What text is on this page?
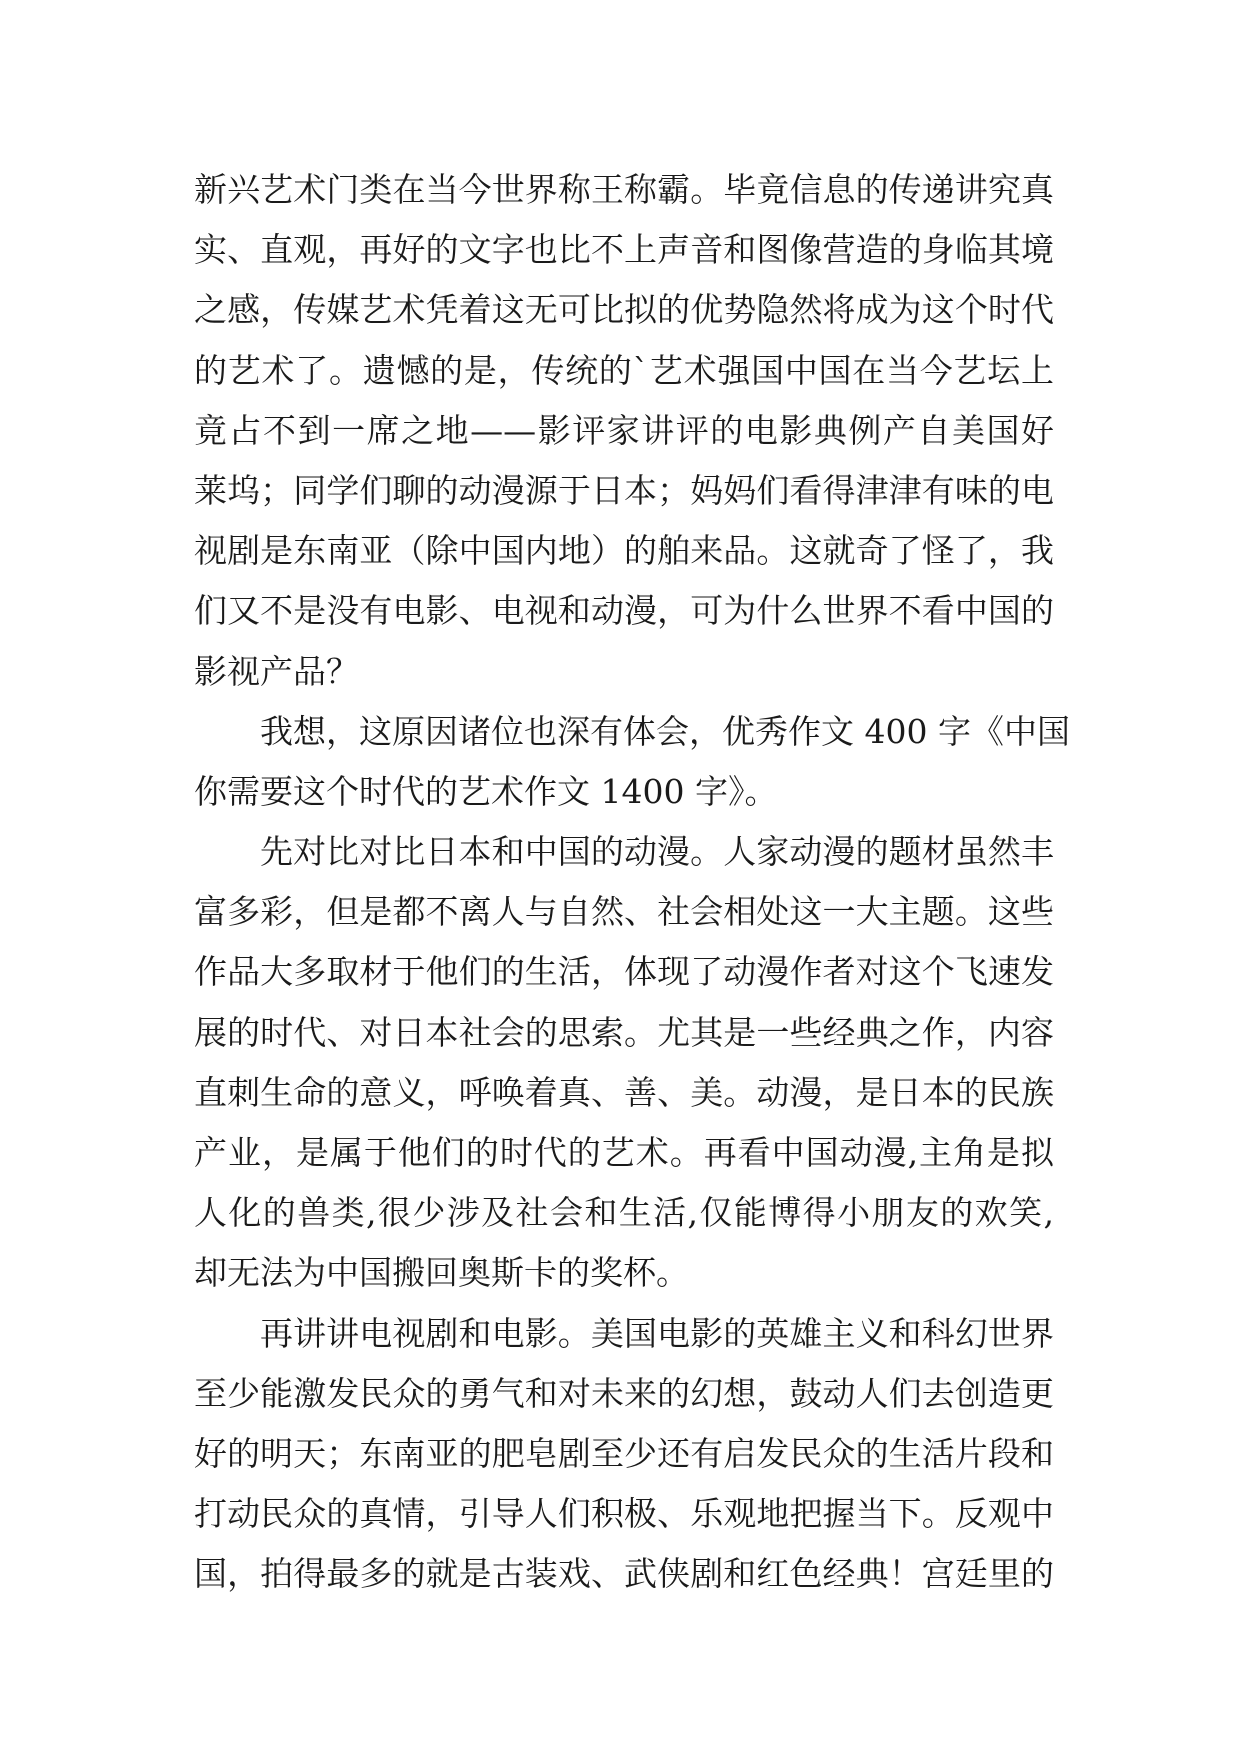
新兴艺术门类在当今世界称王称霸。毕竟信息的传递讲究真
实、直观，再好的文字也比不上声音和图像营造的身临其境
之感，传媒艺术凭着这无可比拟的优势隐然将成为这个时代
的艺术了。遗憾的是，传统的`艺术强国中国在当今艺坛上
竟占不到一席之地——影评家讲评的电影典例产自美国好
莱坞；同学们聊的动漫源于日本；妈妈们看得津津有味的电
视剧是东南亚（除中国内地）的舶来品。这就奇了怪了，我
们又不是没有电影、电视和动漫，可为什么世界不看中国的
影视产品？
我想，这原因诸位也深有体会，优秀作文 400 字《中国
你需要这个时代的艺术作文 1400 字》。
先对比对比日本和中国的动漫。人家动漫的题材虽然丰
富多彩，但是都不离人与自然、社会相处这一大主题。这些
作品大多取材于他们的生活，体现了动漫作者对这个飞速发
展的时代、对日本社会的思索。尤其是一些经典之作，内容
直刺生命的意义，呼唤着真、善、美。动漫，是日本的民族
产业，是属于他们的时代的艺术。再看中国动漫,主角是拟
人化的兽类,很少涉及社会和生活,仅能博得小朋友的欢笑,
却无法为中国搬回奥斯卡的奖杯。
再讲讲电视剧和电影。美国电影的英雄主义和科幻世界
至少能激发民众的勇气和对未来的幻想，鼓动人们去创造更
好的明天；东南亚的肥皂剧至少还有启发民众的生活片段和
打动民众的真情，引导人们积极、乐观地把握当下。反观中
国，拍得最多的就是古装戏、武侠剧和红色经典！宫廷里的
